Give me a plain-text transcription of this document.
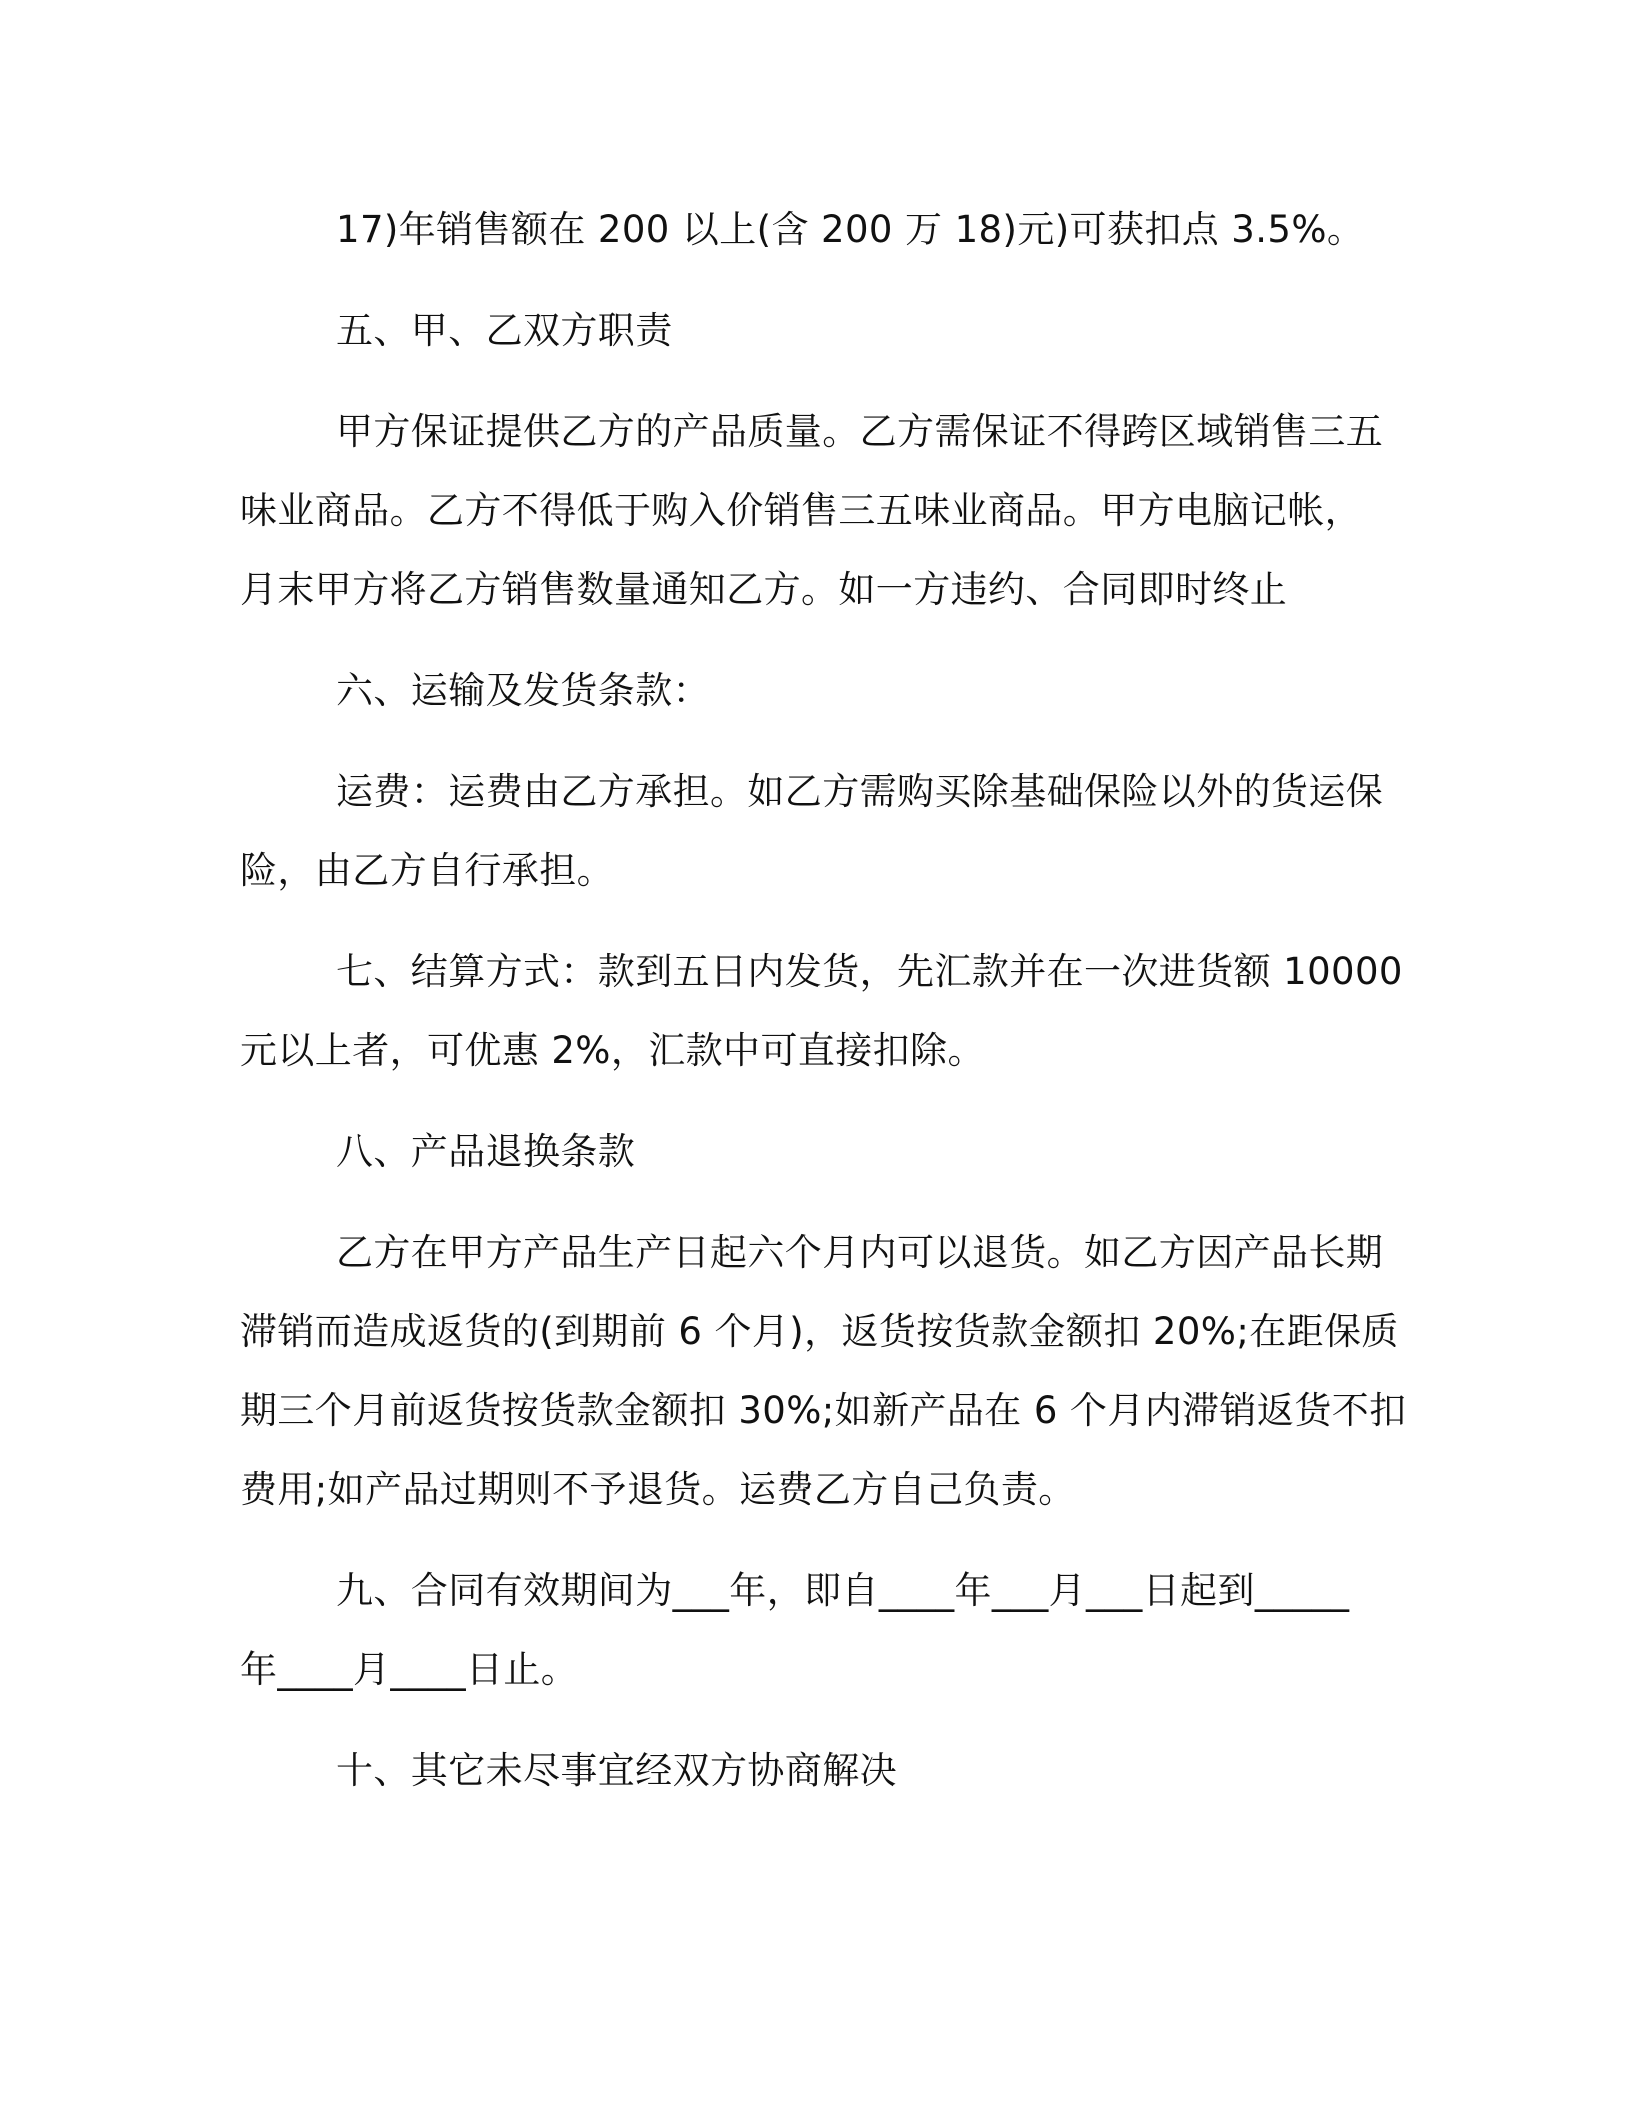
17)年销售额在 200 以上(含 200 万 18)元)可获扣点 3.5%。

五、甲、乙双方职责

甲方保证提供乙方的产品质量。乙方需保证不得跨区域销售三五
味业商品。乙方不得低于购入价销售三五味业商品。甲方电脑记帐，
月末甲方将乙方销售数量通知乙方。如一方违约、合同即时终止

六、运输及发货条款：

运费：运费由乙方承担。如乙方需购买除基础保险以外的货运保
险，由乙方自行承担。

七、结算方式：款到五日内发货，先汇款并在一次进货额 10000
元以上者，可优惠 2%，汇款中可直接扣除。

八、产品退换条款

乙方在甲方产品生产日起六个月内可以退货。如乙方因产品长期
滞销而造成返货的(到期前 6 个月)，返货按货款金额扣 20%;在距保质
期三个月前返货按货款金额扣 30%;如新产品在 6 个月内滞销返货不扣
费用;如产品过期则不予退货。运费乙方自己负责。

九、合同有效期间为___年，即自____年___月___日起到_____
年____月____日止。

十、其它未尽事宜经双方协商解决
